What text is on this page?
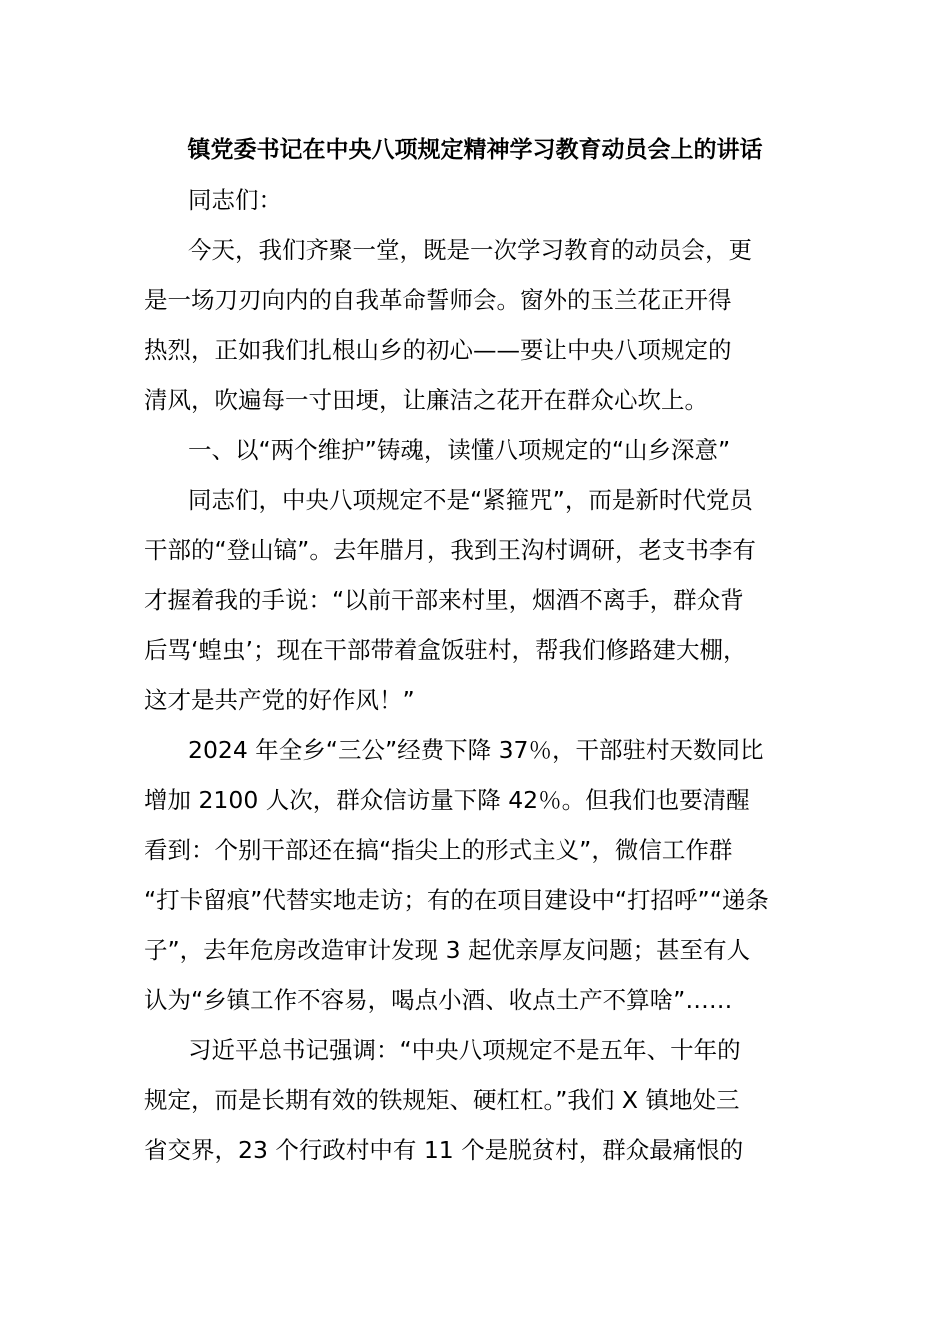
镇党委书记在中央八项规定精神学习教育动员会上的讲话
同志们：
今天，我们齐聚一堂，既是一次学习教育的动员会，更
是一场刀刃向内的自我革命誓师会。窗外的玉兰花正开得
热烈，正如我们扎根山乡的初心——要让中央八项规定的
清风，吹遍每一寸田埂，让廉洁之花开在群众心坎上。
一、以“两个维护”铸魂，读懂八项规定的“山乡深意”
同志们，中央八项规定不是“紧箍咒”，而是新时代党员
干部的“登山镐”。去年腊月，我到王沟村调研，老支书李有
才握着我的手说：“以前干部来村里，烟酒不离手，群众背
后骂‘蝗虫’；现在干部带着盒饭驻村，帮我们修路建大棚，
这才是共产党的好作风！”
2024 年全乡“三公”经费下降 37％，干部驻村天数同比
增加 2100 人次，群众信访量下降 42％。但我们也要清醒
看到：个别干部还在搞“指尖上的形式主义”，微信工作群
“打卡留痕”代替实地走访；有的在项目建设中“打招呼”“递条
子”，去年危房改造审计发现 3 起优亲厚友问题；甚至有人
认为“乡镇工作不容易，喝点小酒、收点土产不算啥”……
习近平总书记强调：“中央八项规定不是五年、十年的
规定，而是长期有效的铁规矩、硬杠杠。”我们 X 镇地处三
省交界，23 个行政村中有 11 个是脱贫村，群众最痛恨的
